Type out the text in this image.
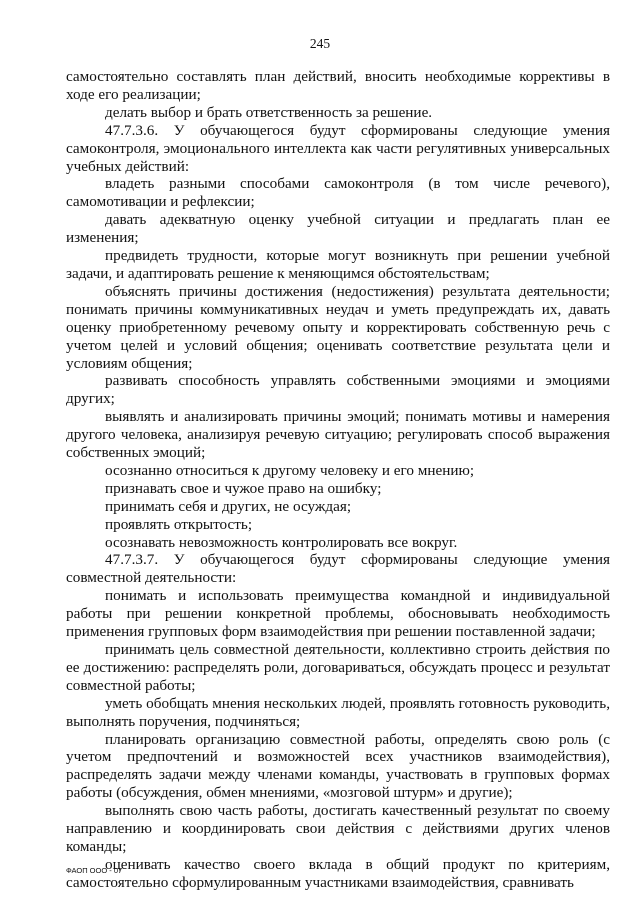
245

самостоятельно составлять план действий, вносить необходимые коррективы в ходе его реализации;

делать выбор и брать ответственность за решение.

47.7.3.6. У обучающегося будут сформированы следующие умения самоконтроля, эмоционального интеллекта как части регулятивных универсальных учебных действий:

владеть разными способами самоконтроля (в том числе речевого), самомотивации и рефлексии;

давать адекватную оценку учебной ситуации и предлагать план ее изменения;

предвидеть трудности, которые могут возникнуть при решении учебной задачи, и адаптировать решение к меняющимся обстоятельствам;

объяснять причины достижения (недостижения) результата деятельности; понимать причины коммуникативных неудач и уметь предупреждать их, давать оценку приобретенному речевому опыту и корректировать собственную речь с учетом целей и условий общения; оценивать соответствие результата цели и условиям общения;

развивать способность управлять собственными эмоциями и эмоциями других;

выявлять и анализировать причины эмоций; понимать мотивы и намерения другого человека, анализируя речевую ситуацию; регулировать способ выражения собственных эмоций;

осознанно относиться к другому человеку и его мнению;

признавать свое и чужое право на ошибку;

принимать себя и других, не осуждая;

проявлять открытость;

осознавать невозможность контролировать все вокруг.

47.7.3.7. У обучающегося будут сформированы следующие умения совместной деятельности:

понимать и использовать преимущества командной и индивидуальной работы при решении конкретной проблемы, обосновывать необходимость применения групповых форм взаимодействия при решении поставленной задачи;

принимать цель совместной деятельности, коллективно строить действия по ее достижению: распределять роли, договариваться, обсуждать процесс и результат совместной работы;

уметь обобщать мнения нескольких людей, проявлять готовность руководить, выполнять поручения, подчиняться;

планировать организацию совместной работы, определять свою роль (с учетом предпочтений и возможностей всех участников взаимодействия), распределять задачи между членами команды, участвовать в групповых формах работы (обсуждения, обмен мнениями, «мозговой штурм» и другие);

выполнять свою часть работы, достигать качественный результат по своему направлению и координировать свои действия с действиями других членов команды;

оценивать качество своего вклада в общий продукт по критериям, самостоятельно сформулированным участниками взаимодействия, сравнивать

ФАОП ООО - 07
